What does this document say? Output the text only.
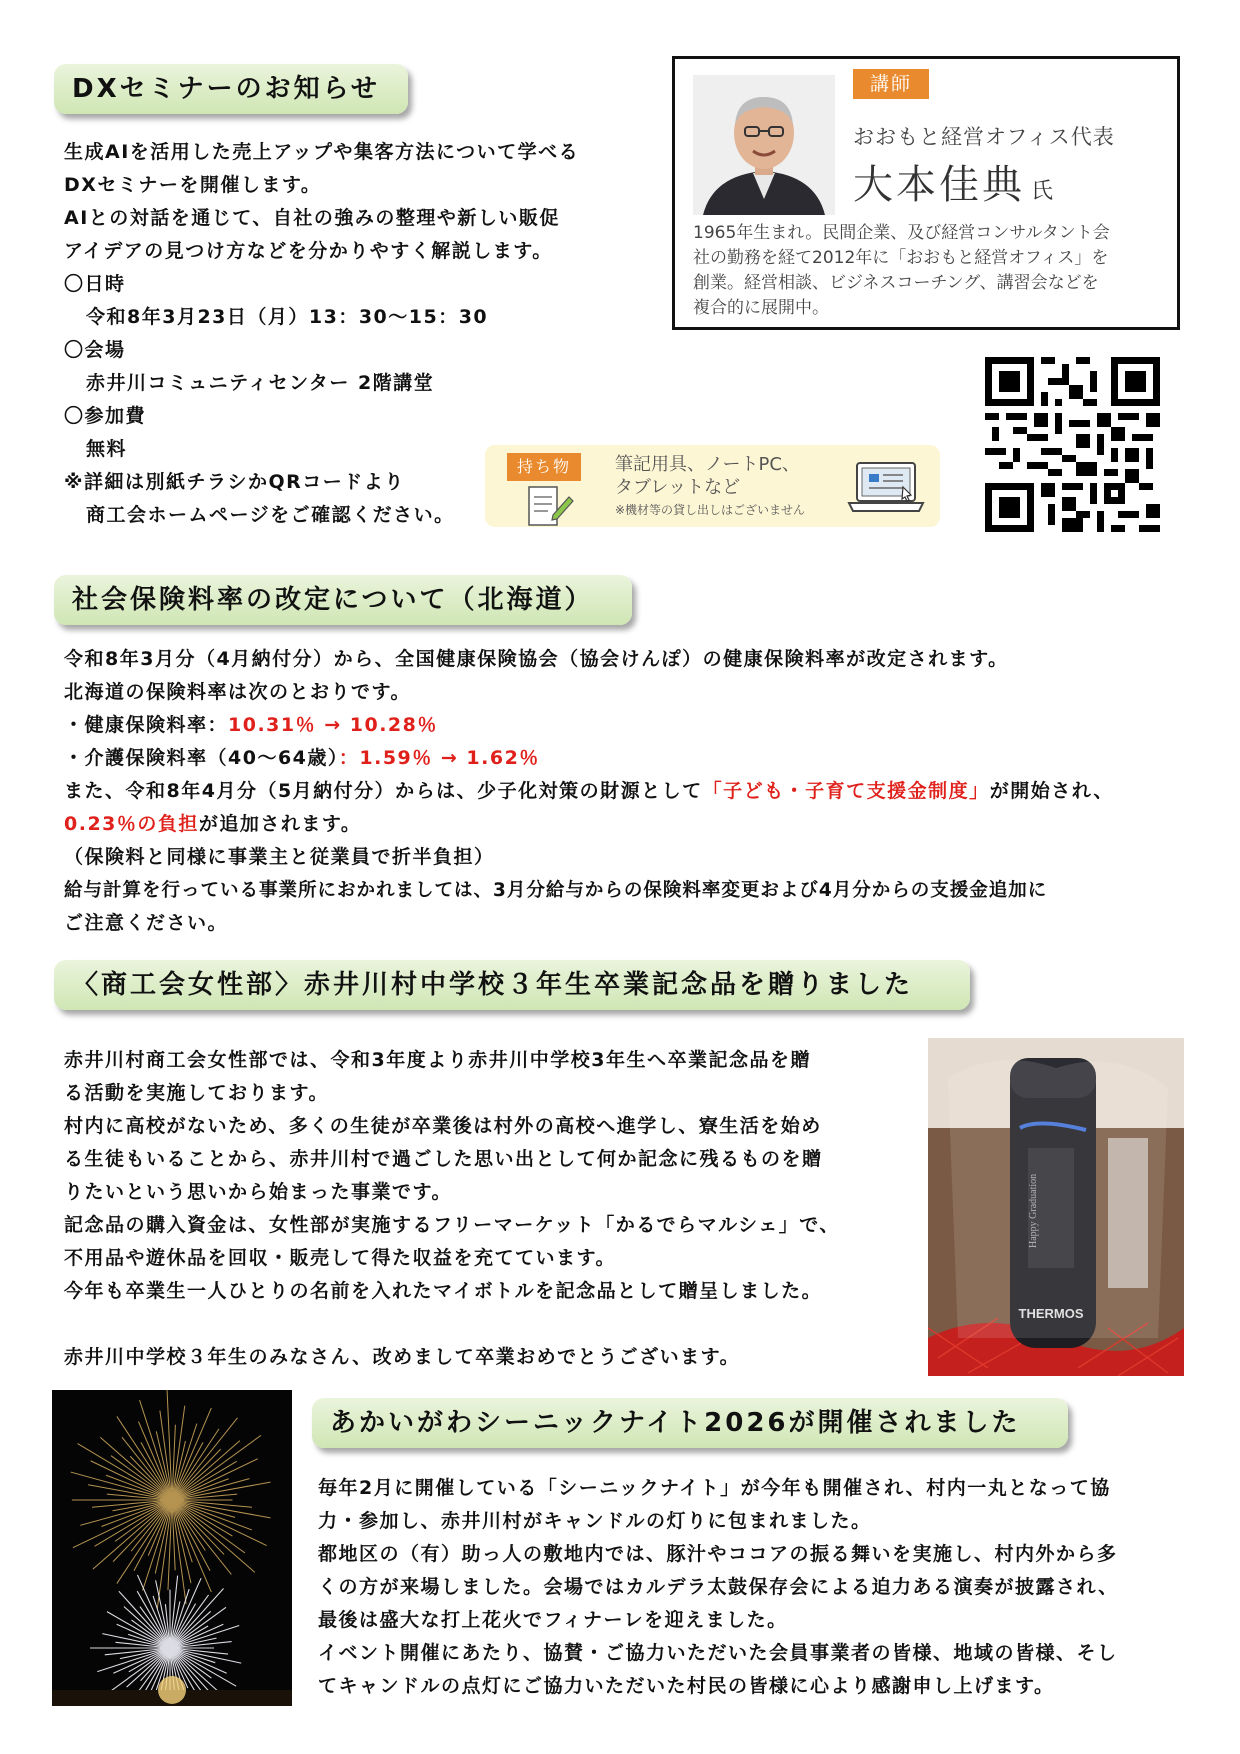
DXセミナーのお知らせ
生成AIを活用した売上アップや集客方法について学べる
DXセミナーを開催します。
AIとの対話を通じて、自社の強みの整理や新しい販促
アイデアの見つけ方などを分かりやすく解説します。
〇日時
令和8年3月23日（月）13：30〜15：30
〇会場
赤井川コミュニティセンター 2階講堂
〇参加費
無料
※詳細は別紙チラシかQRコードより
商工会ホームページをご確認ください。
講師
おおもと経営オフィス代表
大本佳典 氏
1965年生まれ。民間企業、及び経営コンサルタント会
社の勤務を経て2012年に「おおもと経営オフィス」を
創業。経営相談、ビジネスコーチング、講習会などを
複合的に展開中。
持ち物	筆記用具、ノートPC、
タブレットなど
※機材等の貸し出しはございません
社会保険料率の改定について（北海道）
令和8年3月分（4月納付分）から、全国健康保険協会（協会けんぽ）の健康保険料率が改定されます。
北海道の保険料率は次のとおりです。
・健康保険料率：10.31％ → 10.28％
・介護保険料率（40〜64歳）：1.59％ → 1.62％
また、令和8年4月分（5月納付分）からは、少子化対策の財源として「子ども・子育て支援金制度」が開始され、
0.23％の負担が追加されます。
（保険料と同様に事業主と従業員で折半負担）
給与計算を行っている事業所におかれましては、3月分給与からの保険料率変更および4月分からの支援金追加に
ご注意ください。
〈商工会女性部〉赤井川村中学校３年生卒業記念品を贈りました
赤井川村商工会女性部では、令和3年度より赤井川中学校3年生へ卒業記念品を贈
る活動を実施しております。
村内に高校がないため、多くの生徒が卒業後は村外の高校へ進学し、寮生活を始め
る生徒もいることから、赤井川村で過ごした思い出として何か記念に残るものを贈
りたいという思いから始まった事業です。
記念品の購入資金は、女性部が実施するフリーマーケット「かるでらマルシェ」で、
不用品や遊休品を回収・販売して得た収益を充てています。
今年も卒業生一人ひとりの名前を入れたマイボトルを記念品として贈呈しました。

赤井川中学校３年生のみなさん、改めまして卒業おめでとうございます。
THERMOS
Happy Graduation
あかいがわシーニックナイト2026が開催されました
毎年2月に開催している「シーニックナイト」が今年も開催され、村内一丸となって協
力・参加し、赤井川村がキャンドルの灯りに包まれました。
都地区の（有）助っ人の敷地内では、豚汁やココアの振る舞いを実施し、村内外から多
くの方が来場しました。会場ではカルデラ太鼓保存会による迫力ある演奏が披露され、
最後は盛大な打上花火でフィナーレを迎えました。
イベント開催にあたり、協賛・ご協力いただいた会員事業者の皆様、地域の皆様、そし
てキャンドルの点灯にご協力いただいた村民の皆様に心より感謝申し上げます。
